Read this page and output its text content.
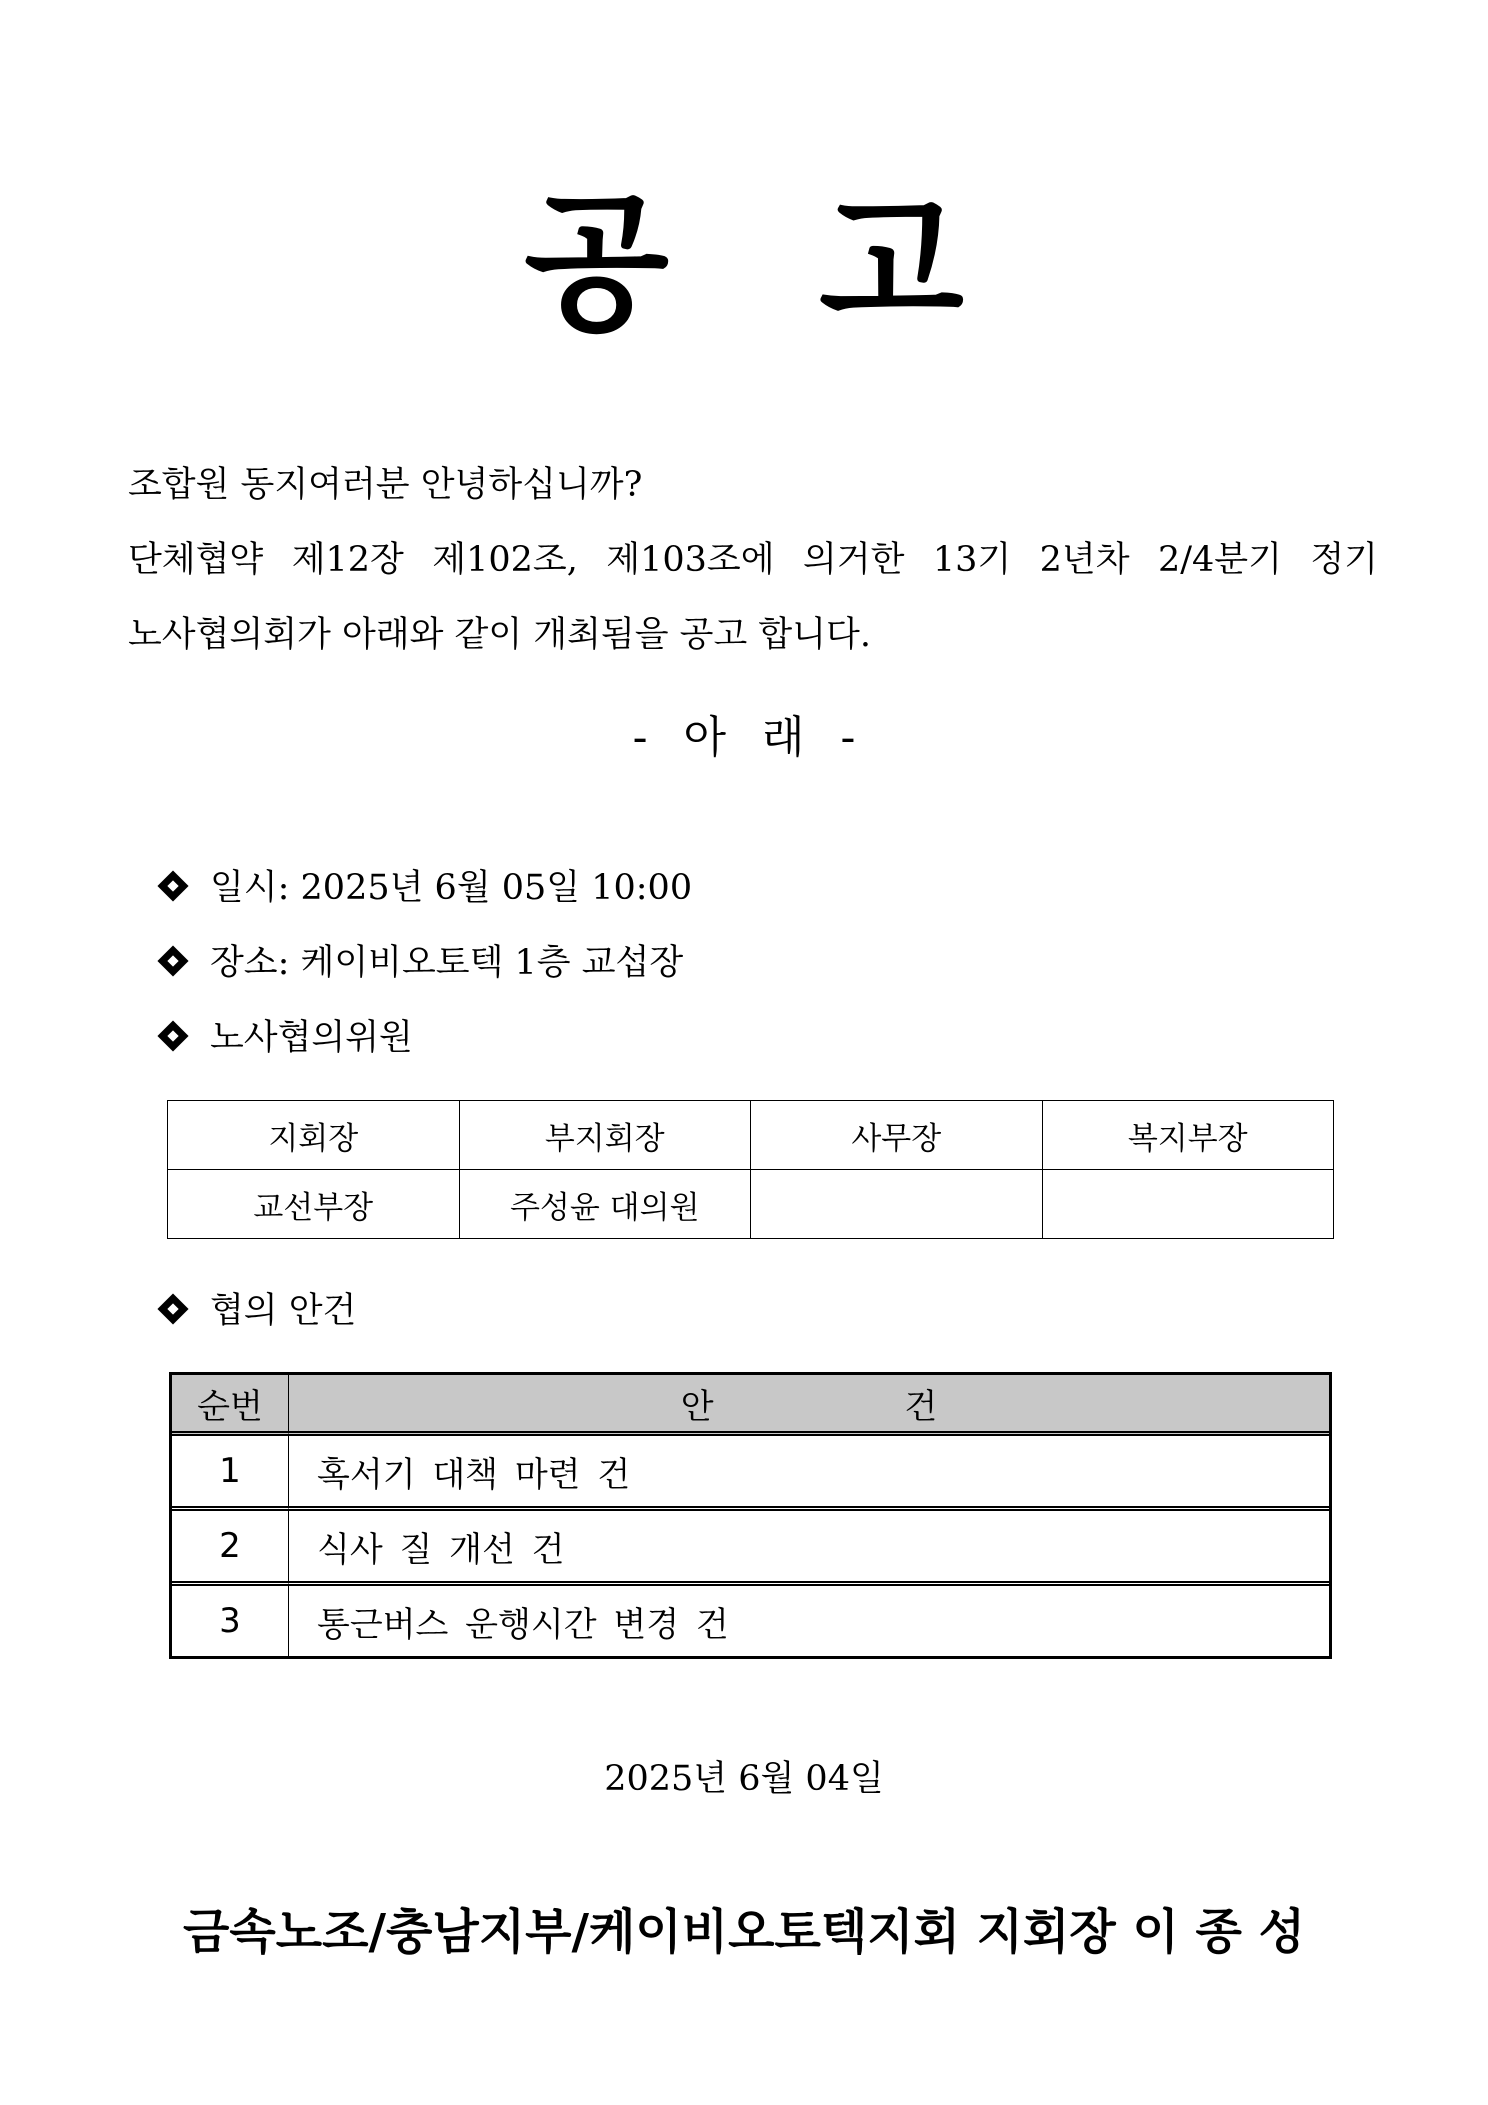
공 고
조합원 동지여러분 안녕하십니까?
단체협약 제12장 제102조, 제103조에 의거한 13기 2년차 2/4분기 정기
노사협의회가 아래와 같이 개최됨을 공고 합니다.
- 아 래 -
일시: 2025년 6월 05일 10:00
장소: 케이비오토텍 1층 교섭장
노사협의위원
지회장	부지회장	사무장	복지부장
교선부장	주성윤 대의원		
협의 안건
순번	안 건
1	혹서기 대책 마련 건
2	식사 질 개선 건
3	통근버스 운행시간 변경 건
2025년 6월 04일
금속노조/충남지부/케이비오토텍지회 지회장 이 종 성
